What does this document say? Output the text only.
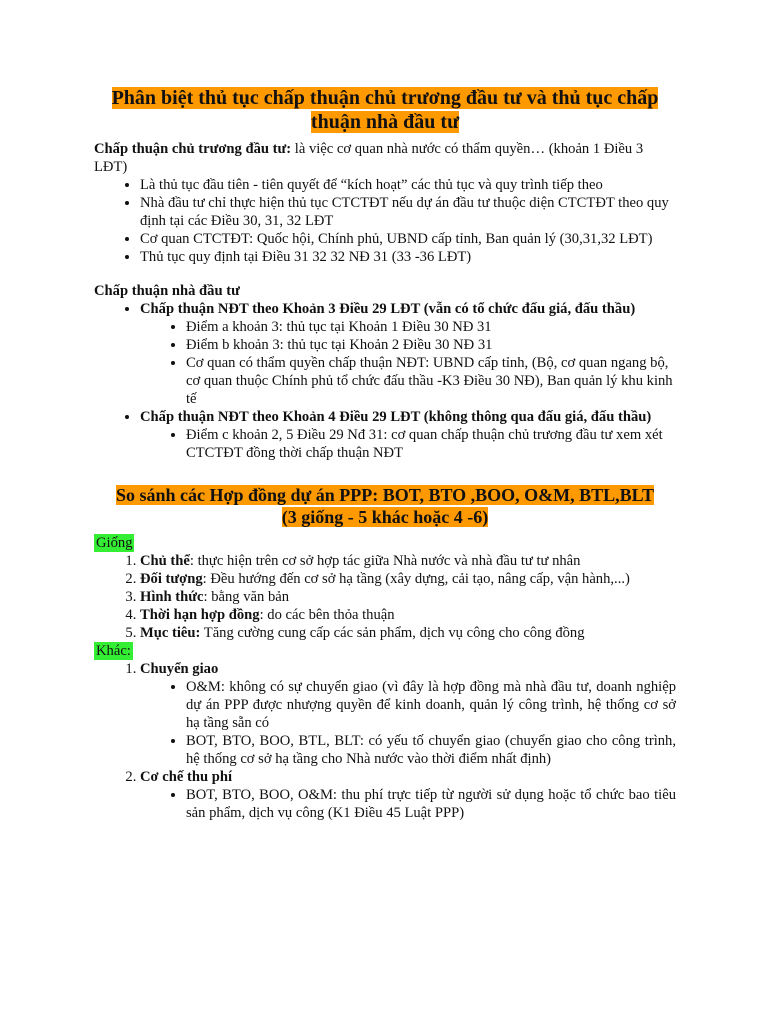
Phân biệt thủ tục chấp thuận chủ trương đầu tư và thủ tục chấp thuận nhà đầu tư

Chấp thuận chủ trương đầu tư: là việc cơ quan nhà nước có thẩm quyền… (khoản 1 Điều 3 LĐT)

• Là thủ tục đầu tiên - tiên quyết để “kích hoạt” các thủ tục và quy trình tiếp theo
• Nhà đầu tư chỉ thực hiện thủ tục CTCTĐT nếu dự án đầu tư thuộc diện CTCTĐT theo quy định tại các Điều 30, 31, 32 LĐT
• Cơ quan CTCTĐT: Quốc hội, Chính phủ, UBND cấp tỉnh, Ban quản lý (30,31,32 LĐT)
• Thủ tục quy định tại Điều 31 32 32 NĐ 31 (33 -36 LĐT)

Chấp thuận nhà đầu tư

• Chấp thuận NĐT theo Khoản 3 Điều 29 LĐT (vẫn có tổ chức đấu giá, đấu thầu)
• Điểm a khoản 3: thủ tục tại Khoản 1 Điều 30 NĐ 31
• Điểm b khoản 3: thủ tục tại Khoản 2 Điều 30 NĐ 31
• Cơ quan có thẩm quyền chấp thuận NĐT: UBND cấp tỉnh, (Bộ, cơ quan ngang bộ, cơ quan thuộc Chính phủ tổ chức đấu thầu -K3 Điều 30 NĐ), Ban quản lý khu kinh tế
• Chấp thuận NĐT theo Khoản 4 Điều 29 LĐT (không thông qua đấu giá, đấu thầu)
• Điểm c khoản 2, 5 Điều 29 Nđ 31: cơ quan chấp thuận chủ trương đầu tư xem xét CTCTĐT đồng thời chấp thuận NĐT
So sánh các Hợp đồng dự án PPP: BOT, BTO ,BOO, O&M, BTL,BLT
(3 giống - 5 khác hoặc 4 -6)

Giống

1. Chủ thể: thực hiện trên cơ sở hợp tác giữa Nhà nước và nhà đầu tư tư nhân
2. Đối tượng: Đều hướng đến cơ sở hạ tầng (xây dựng, cải tạo, nâng cấp, vận hành,...)
3. Hình thức: bằng văn bản
4. Thời hạn hợp đồng: do các bên thỏa thuận
5. Mục tiêu: Tăng cường cung cấp các sản phẩm, dịch vụ công cho công đồng

Khác:

1. Chuyển giao
• O&M: không có sự chuyển giao (vì đây là hợp đồng mà nhà đầu tư, doanh nghiệp dự án PPP được nhượng quyền để kinh doanh, quản lý công trình, hệ thống cơ sở hạ tầng sẵn có
• BOT, BTO, BOO, BTL, BLT: có yếu tố chuyển giao (chuyển giao cho công trình, hệ thống cơ sở hạ tầng cho Nhà nước vào thời điểm nhất định)
2. Cơ chế thu phí
• BOT, BTO, BOO, O&M: thu phí trực tiếp từ người sử dụng hoặc tổ chức bao tiêu sản phẩm, dịch vụ công (K1 Điều 45 Luật PPP)
